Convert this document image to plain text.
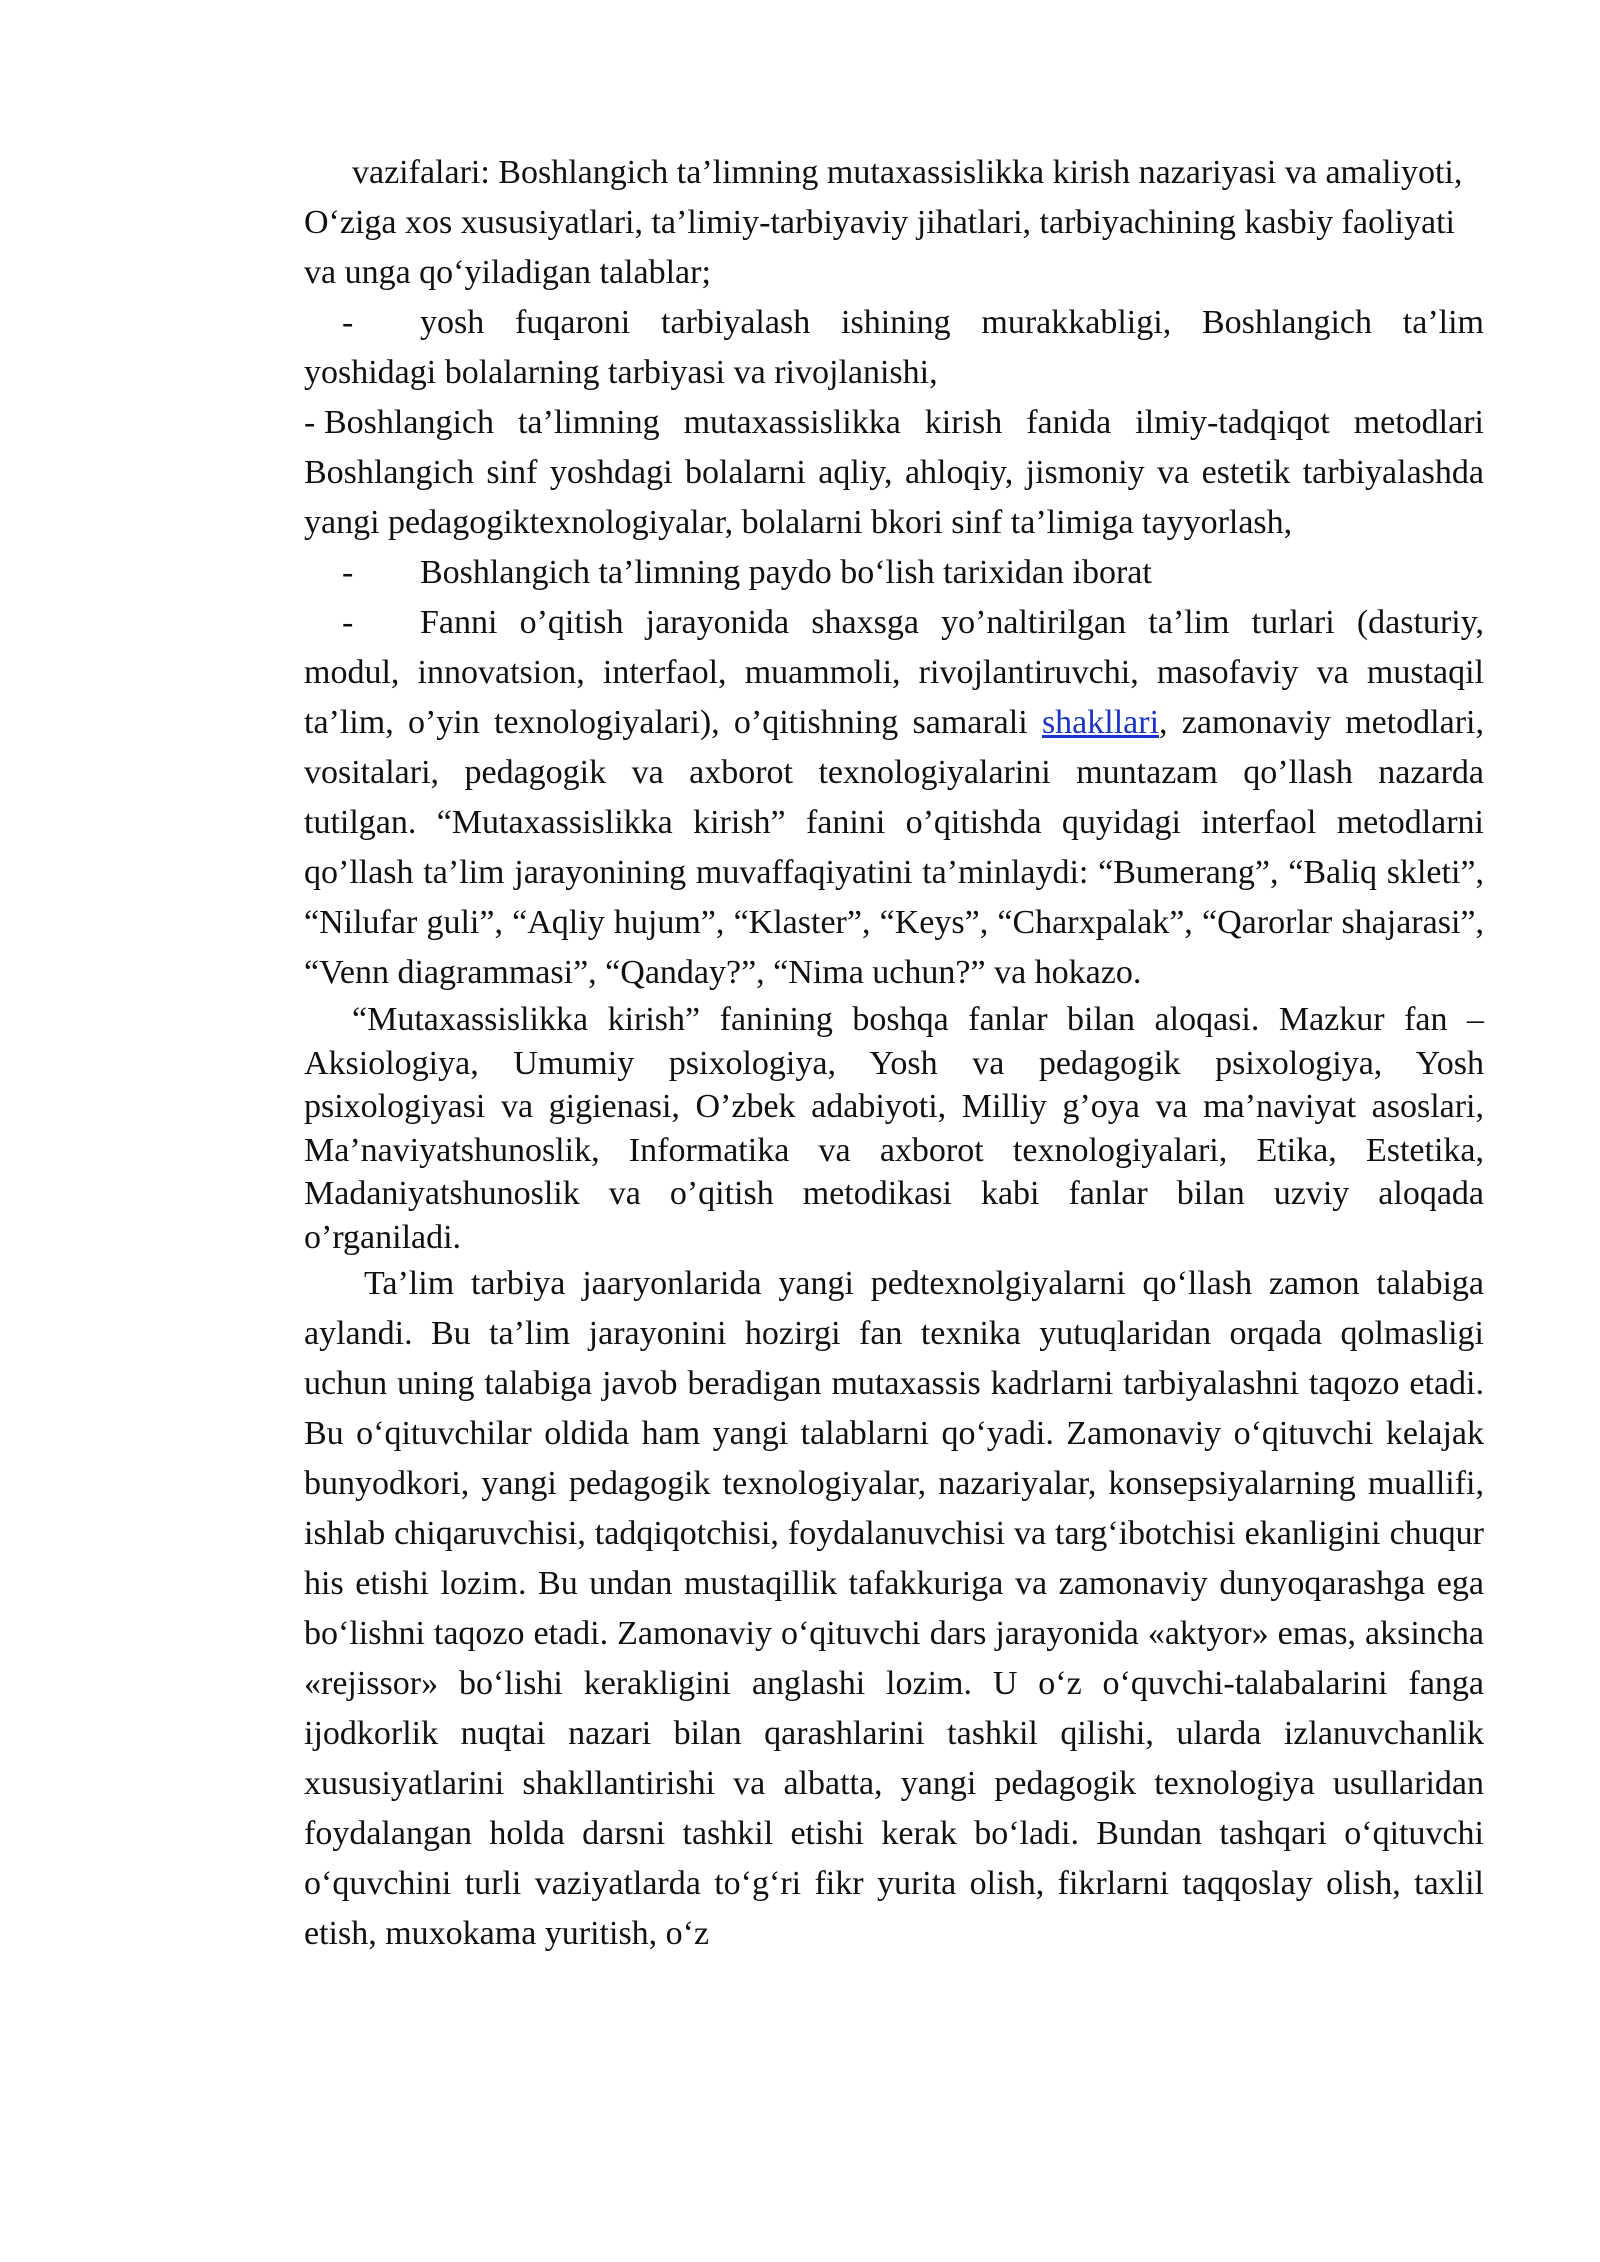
vazifalari: Boshlangich ta’limning mutaxassislikka kirish nazariyasi va amaliyoti, O‘ziga xos xususiyatlari, ta’limiy-tarbiyaviy jihatlari, tarbiyachining kasbiy faoliyati va unga qo‘yiladigan talablar;

- yosh fuqaroni tarbiyalash ishining murakkabligi, Boshlangich ta’lim yoshidagi bolalarning tarbiyasi va rivojlanishi,

- Boshlangich ta’limning mutaxassislikka kirish fanida ilmiy-tadqiqot metodlari Boshlangich sinf yoshdagi bolalarni aqliy, ahloqiy, jismoniy va estetik tarbiyalashda yangi pedagogiktexnologiyalar, bolalarni bkori sinf ta’limiga tayyorlash,

- Boshlangich ta’limning paydo bo‘lish tarixidan iborat

- Fanni o’qitish jarayonida shaxsga yo’naltirilgan ta’lim turlari (dasturiy, modul, innovatsion, interfaol, muammoli, rivojlantiruvchi, masofaviy va mustaqil ta’lim, o’yin texnologiyalari), o’qitishning samarali shakllari, zamonaviy metodlari, vositalari, pedagogik va axborot texnologiyalarini muntazam qo’llash nazarda tutilgan. “Mutaxassislikka kirish” fanini o’qitishda quyidagi interfaol metodlarni qo’llash ta’lim jarayonining muvaffaqiyatini ta’minlaydi: “Bumerang”, “Baliq skleti”, “Nilufar guli”, “Aqliy hujum”, “Klaster”, “Keys”, “Charxpalak”, “Qarorlar shajarasi”, “Venn diagrammasi”, “Qanday?”, “Nima uchun?” va hokazo.

“Mutaxassislikka kirish” fanining boshqa fanlar bilan aloqasi. Mazkur fan –Aksiologiya, Umumiy psixologiya, Yosh va pedagogik psixologiya, Yosh psixologiyasi va gigienasi, O’zbek adabiyoti, Milliy g’oya va ma’naviyat asoslari, Ma’naviyatshunoslik, Informatika va axborot texnologiyalari, Etika, Estetika, Madaniyatshunoslik va o’qitish metodikasi kabi fanlar bilan uzviy aloqada o’rganiladi.

Ta’lim tarbiya jaaryonlarida yangi pedtexnolgiyalarni qo‘llash zamon talabiga aylandi. Bu ta’lim jarayonini hozirgi fan texnika yutuqlaridan orqada qolmasligi uchun uning talabiga javob beradigan mutaxassis kadrlarni tarbiyalashni taqozo etadi. Bu o‘qituvchilar oldida ham yangi talablarni qo‘yadi. Zamonaviy o‘qituvchi kelajak bunyodkori, yangi pedagogik texnologiyalar, nazariyalar, konsepsiyalarning muallifi, ishlab chiqaruvchisi, tadqiqotchisi, foydalanuvchisi va targ‘ibotchisi ekanligini chuqur his etishi lozim. Bu undan mustaqillik tafakkuriga va zamonaviy dunyoqarashga ega bo‘lishni taqozo etadi. Zamonaviy o‘qituvchi dars jarayonida «aktyor» emas, aksincha «rejissor» bo‘lishi kerakligini anglashi lozim. U o‘z o‘quvchi-talabalarini fanga ijodkorlik nuqtai nazari bilan qarashlarini tashkil qilishi, ularda izlanuvchanlik xususiyatlarini shakllantirishi va albatta, yangi pedagogik texnologiya usullaridan foydalangan holda darsni tashkil etishi kerak bo‘ladi. Bundan tashqari o‘qituvchi o‘quvchini turli vaziyatlarda to‘g‘ri fikr yurita olish, fikrlarni taqqoslay olish, taxlil etish, muxokama yuritish, o‘z
